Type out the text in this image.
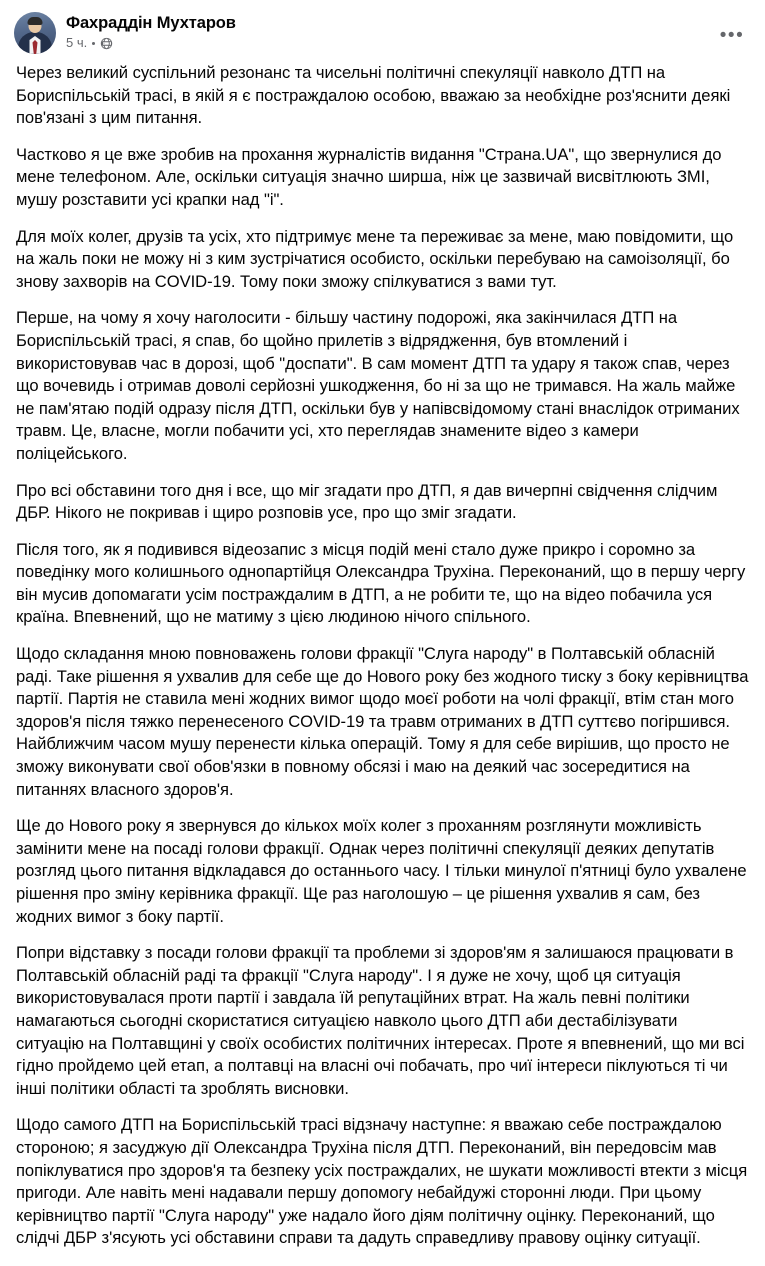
Фахраддін Мухтаров
5 ч.	•••

Через великий суспільний резонанс та чисельні політичні спекуляції навколо ДТП на Бориспільській трасі, в якій я є постраждалою особою, вважаю за необхідне роз'яснити деякі пов'язані з цим питання.

Частково я це вже зробив на прохання журналістів видання "Страна.UA", що звернулися до мене телефоном. Але, оскільки ситуація значно ширша, ніж це зазвичай висвітлюють ЗМІ, мушу розставити усі крапки над "і".

Для моїх колег, друзів та усіх, хто підтримує мене та переживає за мене, маю повідомити, що на жаль поки не можу ні з ким зустрічатися особисто, оскільки перебуваю на самоізоляції, бо знову захворів на COVID-19. Тому поки зможу спілкуватися з вами тут.

Перше, на чому я хочу наголосити - більшу частину подорожі, яка закінчилася ДТП на Бориспільській трасі, я спав, бо щойно прилетів з відрядження, був втомлений і використовував час в дорозі, щоб "доспати". В сам момент ДТП та удару я також спав, через що вочевидь і отримав доволі серйозні ушкодження, бо ні за що не тримався. На жаль майже не пам'ятаю подій одразу після ДТП, оскільки був у напівсвідомому стані внаслідок отриманих травм. Це, власне, могли побачити усі, хто переглядав знамените відео з камери поліцейського.

Про всі обставини того дня і все, що міг згадати про ДТП, я дав вичерпні свідчення слідчим ДБР. Нікого не покривав і щиро розповів усе, про що зміг згадати.

Після того, як я подивився відеозапис з місця подій мені стало дуже прикро і соромно за поведінку мого колишнього однопартійця Олександра Трухіна. Переконаний, що в першу чергу він мусив допомагати усім постраждалим в ДТП, а не робити те, що на відео побачила уся країна. Впевнений, що не матиму з цією людиною нічого спільного.

Щодо складання мною повноважень голови фракції "Слуга народу" в Полтавській обласній раді. Таке рішення я ухвалив для себе ще до Нового року без жодного тиску з боку керівництва партії. Партія не ставила мені жодних вимог щодо моєї роботи на чолі фракції, втім стан мого здоров'я після тяжко перенесеного COVID-19 та травм отриманих в ДТП суттєво погіршився. Найближчим часом мушу перенести кілька операцій. Тому я для себе вирішив, що просто не зможу виконувати свої обов'язки в повному обсязі і маю на деякий час зосередитися на питаннях власного здоров'я.

Ще до Нового року я звернувся до кількох моїх колег з проханням розглянути можливість замінити мене на посаді голови фракції. Однак через політичні спекуляції деяких депутатів розгляд цього питання відкладався до останнього часу. І тільки минулої п'ятниці було ухвалене рішення про зміну керівника фракції. Ще раз наголошую – це рішення ухвалив я сам, без жодних вимог з боку партії.

Попри відставку з посади голови фракції та проблеми зі здоров'ям я залишаюся працювати в Полтавській обласній раді та фракції "Слуга народу". І я дуже не хочу, щоб ця ситуація використовувалася проти партії і завдала їй репутаційних втрат. На жаль певні політики намагаються сьогодні скористатися ситуацією навколо цього ДТП аби дестабілізувати ситуацію на Полтавщині у своїх особистих політичних інтересах. Проте я впевнений, що ми всі гідно пройдемо цей етап, а полтавці на власні очі побачать, про чиї інтереси піклуються ті чи інші політики області та зроблять висновки.

Щодо самого ДТП на Бориспільській трасі відзначу наступне: я вважаю себе постраждалою стороною; я засуджую дії Олександра Трухіна після ДТП. Переконаний, він передовсім мав попіклуватися про здоров'я та безпеку усіх постраждалих, не шукати можливості втекти з місця пригоди. Але навіть мені надавали першу допомогу небайдужі сторонні люди. При цьому керівництво партії "Слуга народу" уже надало його діям політичну оцінку. Переконаний, що слідчі ДБР з'ясують усі обставини справи та дадуть справедливу правову оцінку ситуації.
